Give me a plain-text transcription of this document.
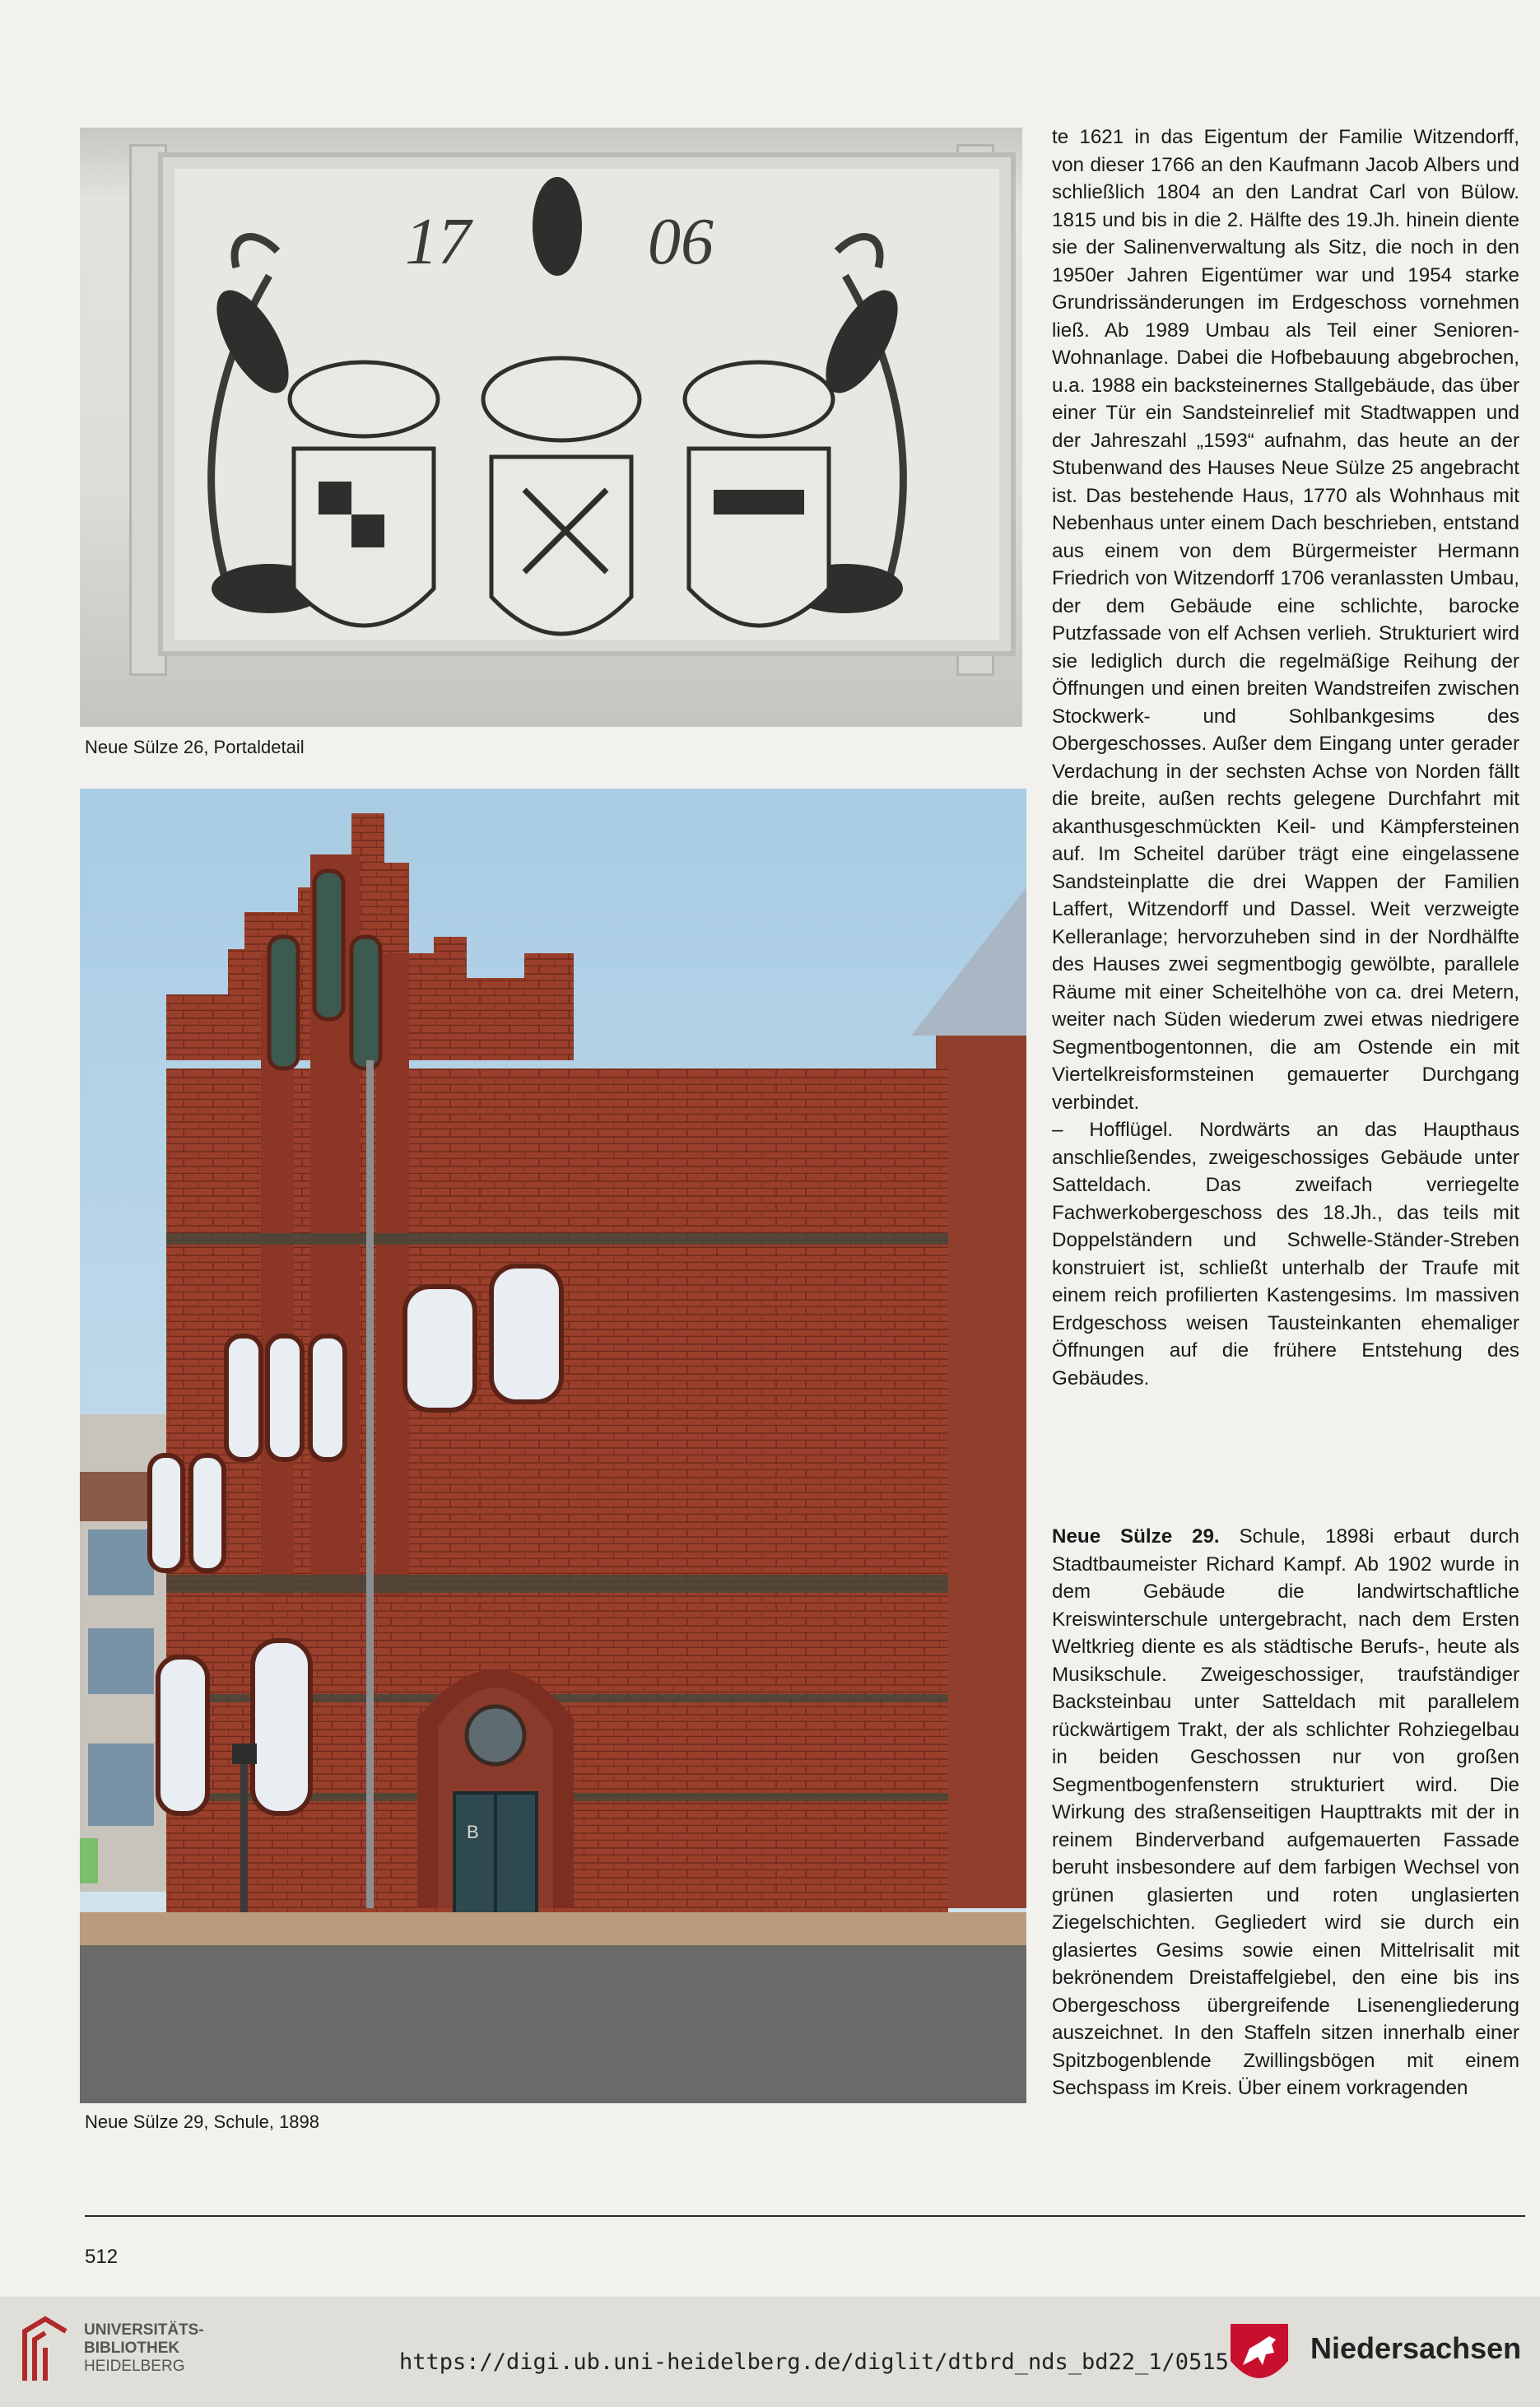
17	06
Neue Sülze 26, Portaldetail
B
Neue Sülze 29, Schule, 1898

te 1621 in das Eigentum der Familie Witzendorff, von dieser 1766 an den Kaufmann Jacob Albers und schließlich 1804 an den Landrat Carl von Bülow. 1815 und bis in die 2. Hälfte des 19.Jh. hinein diente sie der Salinenverwaltung als Sitz, die noch in den 1950er Jahren Eigentümer war und 1954 starke Grundrissänderungen im Erdgeschoss vornehmen ließ. Ab 1989 Umbau als Teil einer Senioren-Wohnanlage. Dabei die Hofbebauung abgebrochen, u.a. 1988 ein backsteinernes Stallgebäude, das über einer Tür ein Sandsteinrelief mit Stadtwappen und der Jahreszahl „1593“ aufnahm, das heute an der Stubenwand des Hauses Neue Sülze 25 angebracht ist. Das bestehende Haus, 1770 als Wohnhaus mit Nebenhaus unter einem Dach beschrieben, entstand aus einem von dem Bürgermeister Hermann Friedrich von Witzendorff 1706 veranlassten Umbau, der dem Gebäude eine schlichte, barocke Putzfassade von elf Achsen verlieh. Strukturiert wird sie lediglich durch die regelmäßige Reihung der Öffnungen und einen breiten Wandstreifen zwischen Stockwerk- und Sohlbankgesims des Obergeschosses. Außer dem Eingang unter gerader Verdachung in der sechsten Achse von Norden fällt die breite, außen rechts gelegene Durchfahrt mit akanthusgeschmückten Keil- und Kämpfersteinen auf. Im Scheitel darüber trägt eine eingelassene Sandsteinplatte die drei Wappen der Familien Laffert, Witzendorff und Dassel. Weit verzweigte Kelleranlage; hervorzuheben sind in der Nordhälfte des Hauses zwei segmentbogig gewölbte, parallele Räume mit einer Scheitelhöhe von ca. drei Metern, weiter nach Süden wiederum zwei etwas niedrigere Segmentbogentonnen, die am Ostende ein mit Viertelkreisformsteinen gemauerter Durchgang verbindet.

– Hofflügel. Nordwärts an das Haupthaus anschließendes, zweigeschossiges Gebäude unter Satteldach. Das zweifach verriegelte Fachwerkobergeschoss des 18.Jh., das teils mit Doppelständern und Schwelle-Ständer-Streben konstruiert ist, schließt unterhalb der Traufe mit einem reich profilierten Kastengesims. Im massiven Erdgeschoss weisen Tausteinkanten ehemaliger Öffnungen auf die frühere Entstehung des Gebäudes.

Neue Sülze 29. Schule, 1898i erbaut durch Stadtbaumeister Richard Kampf. Ab 1902 wurde in dem Gebäude die landwirtschaftliche Kreiswinterschule untergebracht, nach dem Ersten Weltkrieg diente es als städtische Berufs-, heute als Musikschule. Zweigeschossiger, traufständiger Backsteinbau unter Satteldach mit parallelem rückwärtigem Trakt, der als schlichter Rohziegelbau in beiden Geschossen nur von großen Segmentbogenfenstern strukturiert wird. Die Wirkung des straßenseitigen Haupttrakts mit der in reinem Binderverband aufgemauerten Fassade beruht insbesondere auf dem farbigen Wechsel von grünen glasierten und roten unglasierten Ziegelschichten. Gegliedert wird sie durch ein glasiertes Gesims sowie einen Mittelrisalit mit bekrönendem Dreistaffelgiebel, den eine bis ins Obergeschoss übergreifende Lisenengliederung auszeichnet. In den Staffeln sitzen innerhalb einer Spitzbogenblende Zwillingsbögen mit einem Sechspass im Kreis. Über einem vorkragenden

512
UNIVERSITÄTS-
BIBLIOTHEK
HEIDELBERG	https://digi.ub.uni-heidelberg.de/diglit/dtbrd_nds_bd22_1/0515	Niedersachsen
